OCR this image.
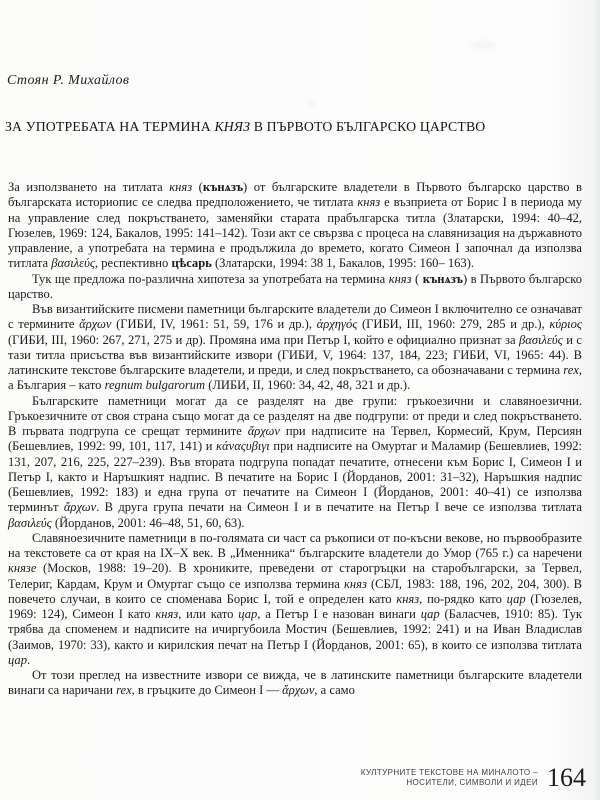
Стоян Р. Михайлов
ЗА УПОТРЕБАТА НА ТЕРМИНА КНЯЗ В ПЪРВОТО БЪЛГАРСКО ЦАРСТВО

За използването на титлата княз (кънѧзъ) от българските владетели в Първото българско царство в българската историопис се следва предположението, че титлата княз е възприета от Борис I в периода му на управление след покръстването, заменяйки старата прабългарска титла (Златарски, 1994: 40–42, Гюзелев, 1969: 124, Бакалов, 1995: 141–142). Този акт се свързва с процеса на славянизация на държавното управление, а употребата на термина е продължила до времето, когато Симеон I започнал да използва титлата βασιλεύς, респективно цѣсарь (Златарски, 1994: 38 1, Бакалов, 1995: 160– 163).

Тук ще предложа по-различна хипотеза за употребата на термина княз ( кънѧзъ) в Първото българско царство.

Във византийските писмени паметници българските владетели до Симеон I включително се означават с термините ἄρχων (ГИБИ, IV, 1961: 51, 59, 176 и др.), ἀρχηγός (ГИБИ, III, 1960: 279, 285 и др.), κύριος (ГИБИ, III, 1960: 267, 271, 275 и др). Промяна има при Петър I, който е официално признат за βασιλεύς и с тази титла присъства във византийските извори (ГИБИ, V, 1964: 137, 184, 223; ГИБИ, VI, 1965: 44). В латинските текстове българските владетели, и преди, и след покръстването, са обозначавани с термина rex, а България – като regnum bulgarorum (ЛИБИ, II, 1960: 34, 42, 48, 321 и др.).

Българските паметници могат да се разделят на две групи: гръкоезични и славяноезични. Гръкоезичните от своя страна също могат да се разделят на две подгрупи: от преди и след покръстването. В първата подгрупа се срещат термините ἄρχων при надписите на Тервел, Кормесий, Крум, Персиян (Бешевлиев, 1992: 99, 101, 117, 141) и κάναςυβιγι при надписите на Омуртаг и Маламир (Бешевлиев, 1992: 131, 207, 216, 225, 227–239). Във втората подгрупа попадат печатите, отнесени към Борис I, Симеон I и Петър I, както и Наръшкият надпис. В печатите на Борис I (Йорданов, 2001: 31–32), Наръшкия надпис (Бешевлиев, 1992: 183) и една група от печатите на Симеон I (Йорданов, 2001: 40–41) се използва терминът ἄρχων. В друга група печати на Симеон I и в печатите на Петър I вече се използва титлата βασιλεύς (Йорданов, 2001: 46–48, 51, 60, 63).

Славяноезичните паметници в по-голямата си част са ръкописи от по-късни векове, но първообразите на текстовете са от края на IX–X век. В „Именника“ българските владетели до Умор (765 г.) са наречени князе (Москов, 1988: 19–20). В хрониките, преведени от старогръцки на старобългарски, за Тервел, Телериг, Кардам, Крум и Омуртаг също се използва термина княз (СБЛ, 1983: 188, 196, 202, 204, 300). В повечето случаи, в които се споменава Борис I, той е определен като княз, по-рядко като цар (Гюзелев, 1969: 124), Симеон I като княз, или като цар, а Петър I е назован винаги цар (Баласчев, 1910: 85). Тук трябва да споменем и надписите на ичиргубоила Мостич (Бешевлиев, 1992: 241) и на Иван Владислав (Заимов, 1970: 33), както и кирилския печат на Петър I (Йорданов, 2001: 65), в които се използва титлата цар.

От този преглед на известните извори се вижда, че в латинските паметници българските владетели винаги са наричани rex, в гръцките до Симеон I — ἄρχων, а само

КУЛТУРНИТЕ ТЕКСТОВЕ НА МИНАЛОТО –
НОСИТЕЛИ, СИМВОЛИ И ИДЕИ 164
